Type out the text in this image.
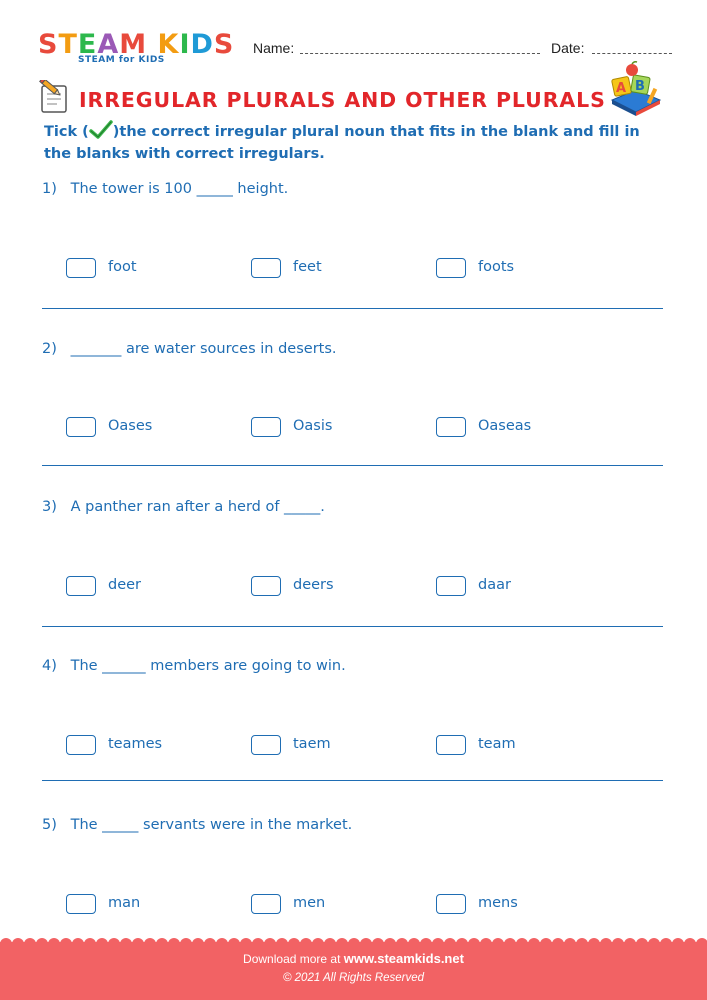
STEAM KIDS
STEAM for KIDS
Name:	Date:
IRREGULAR PLURALS AND OTHER PLURALS A B
Tick ( )the correct irregular plural noun that fits in the blank and fill in the blanks with correct irregulars.
1) The tower is 100 _____ height.
foot	feet	foots
2) _______ are water sources in deserts.
Oases	Oasis	Oaseas
3) A panther ran after a herd of _____.
deer	deers	daar
4) The ______ members are going to win.
teames	taem	team
5) The _____ servants were in the market.
man	men	mens
Download more at www.steamkids.net
© 2021 All Rights Reserved
